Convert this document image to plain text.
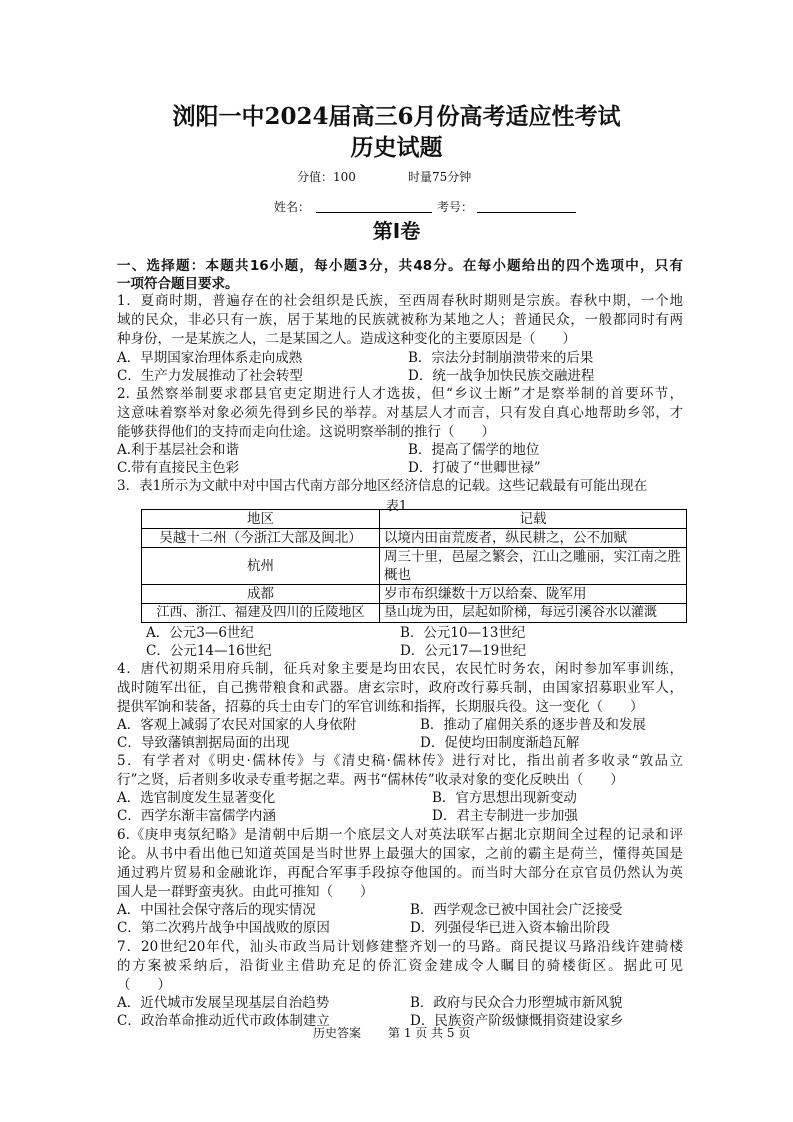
浏阳一中2024届高三6月份高考适应性考试
历史试题
分值：100	时量75分钟
姓名：	考号：
第Ⅰ卷
一、选择题：本题共16小题，每小题3分，共48分。在每小题给出的四个选项中，只有
一项符合题目要求。
1．夏商时期，普遍存在的社会组织是氏族，至西周春秋时期则是宗族。春秋中期，一个地
域的民众，非必只有一族，居于某地的民族就被称为某地之人；普通民众，一般都同时有两
种身份，一是某族之人，二是某国之人。造成这种变化的主要原因是（　　）
A．早期国家治理体系走向成熟	B．宗法分封制崩溃带来的后果
C．生产力发展推动了社会转型	D．统一战争加快民族交融进程
2. 虽然察举制要求郡县官吏定期进行人才选拔，但“乡议士断”才是察举制的首要环节，
这意味着察举对象必须先得到乡民的举荐。对基层人才而言，只有发自真心地帮助乡邻，才
能够获得他们的支持而走向仕途。这说明察举制的推行（　　）
A.利于基层社会和谐	B．提高了儒学的地位
C.带有直接民主色彩	D．打破了“世卿世禄”
3．表1所示为文献中对中国古代南方部分地区经济信息的记载。这些记载最有可能出现在
A．公元3—6世纪	B．公元10—13世纪
C．公元14—16世纪	D．公元17—19世纪
4．唐代初期采用府兵制，征兵对象主要是均田农民，农民忙时务农，闲时参加军事训练，
战时随军出征，自己携带粮食和武器。唐玄宗时，政府改行募兵制，由国家招募职业军人，
提供军饷和装备，招募的兵士由专门的军官训练和指挥，长期服兵役。这一变化（　　）
A．客观上减弱了农民对国家的人身依附	B．推动了雇佣关系的逐步普及和发展
C．导致藩镇割据局面的出现	D．促使均田制度渐趋瓦解
5．有学者对《明史·儒林传》与《清史稿·儒林传》进行对比，指出前者多收录“敦品立
行”之贤，后者则多收录专重考据之辈。两书“儒林传”收录对象的变化反映出（　　）
A．选官制度发生显著变化	B．官方思想出现新变动
C．西学东渐丰富儒学内涵	D．君主专制进一步加强
6.《庚申夷氛纪略》是清朝中后期一个底层文人对英法联军占据北京期间全过程的记录和评
论。从书中看出他已知道英国是当时世界上最强大的国家，之前的霸主是荷兰，懂得英国是
通过鸦片贸易和金融讹诈，再配合军事手段掠夺他国的。而当时大部分在京官员仍然认为英
国人是一群野蛮夷狄。由此可推知（　　）
A．中国社会保守落后的现实情况	B．西学观念已被中国社会广泛接受
C．第二次鸦片战争中国战败的原因	D．列强侵华已进入资本输出阶段
7．20世纪20年代，汕头市政当局计划修建整齐划一的马路。商民提议马路沿线许建骑楼
的方案被采纳后，沿街业主借助充足的侨汇资金建成令人瞩目的骑楼街区。据此可见
（　　）
A．近代城市发展呈现基层自治趋势	B．政府与民众合力形塑城市新风貌
C．政治革命推动近代市政体制建立	D．民族资产阶级慷慨捐资建设家乡
表1
地区	记载
吴越十二州（今浙江大部及闽北）	以境内田亩荒废者，纵民耕之，公不加赋
杭州	周三十里，邑屋之繁会，江山之雕丽，实江南之胜概也
成都	岁市布织缣数十万以给秦、陇军用
江西、浙江、福建及四川的丘陵地区	垦山垅为田，层起如阶梯，每远引溪谷水以灌溉
历史答案 第 1 页 共 5 页
